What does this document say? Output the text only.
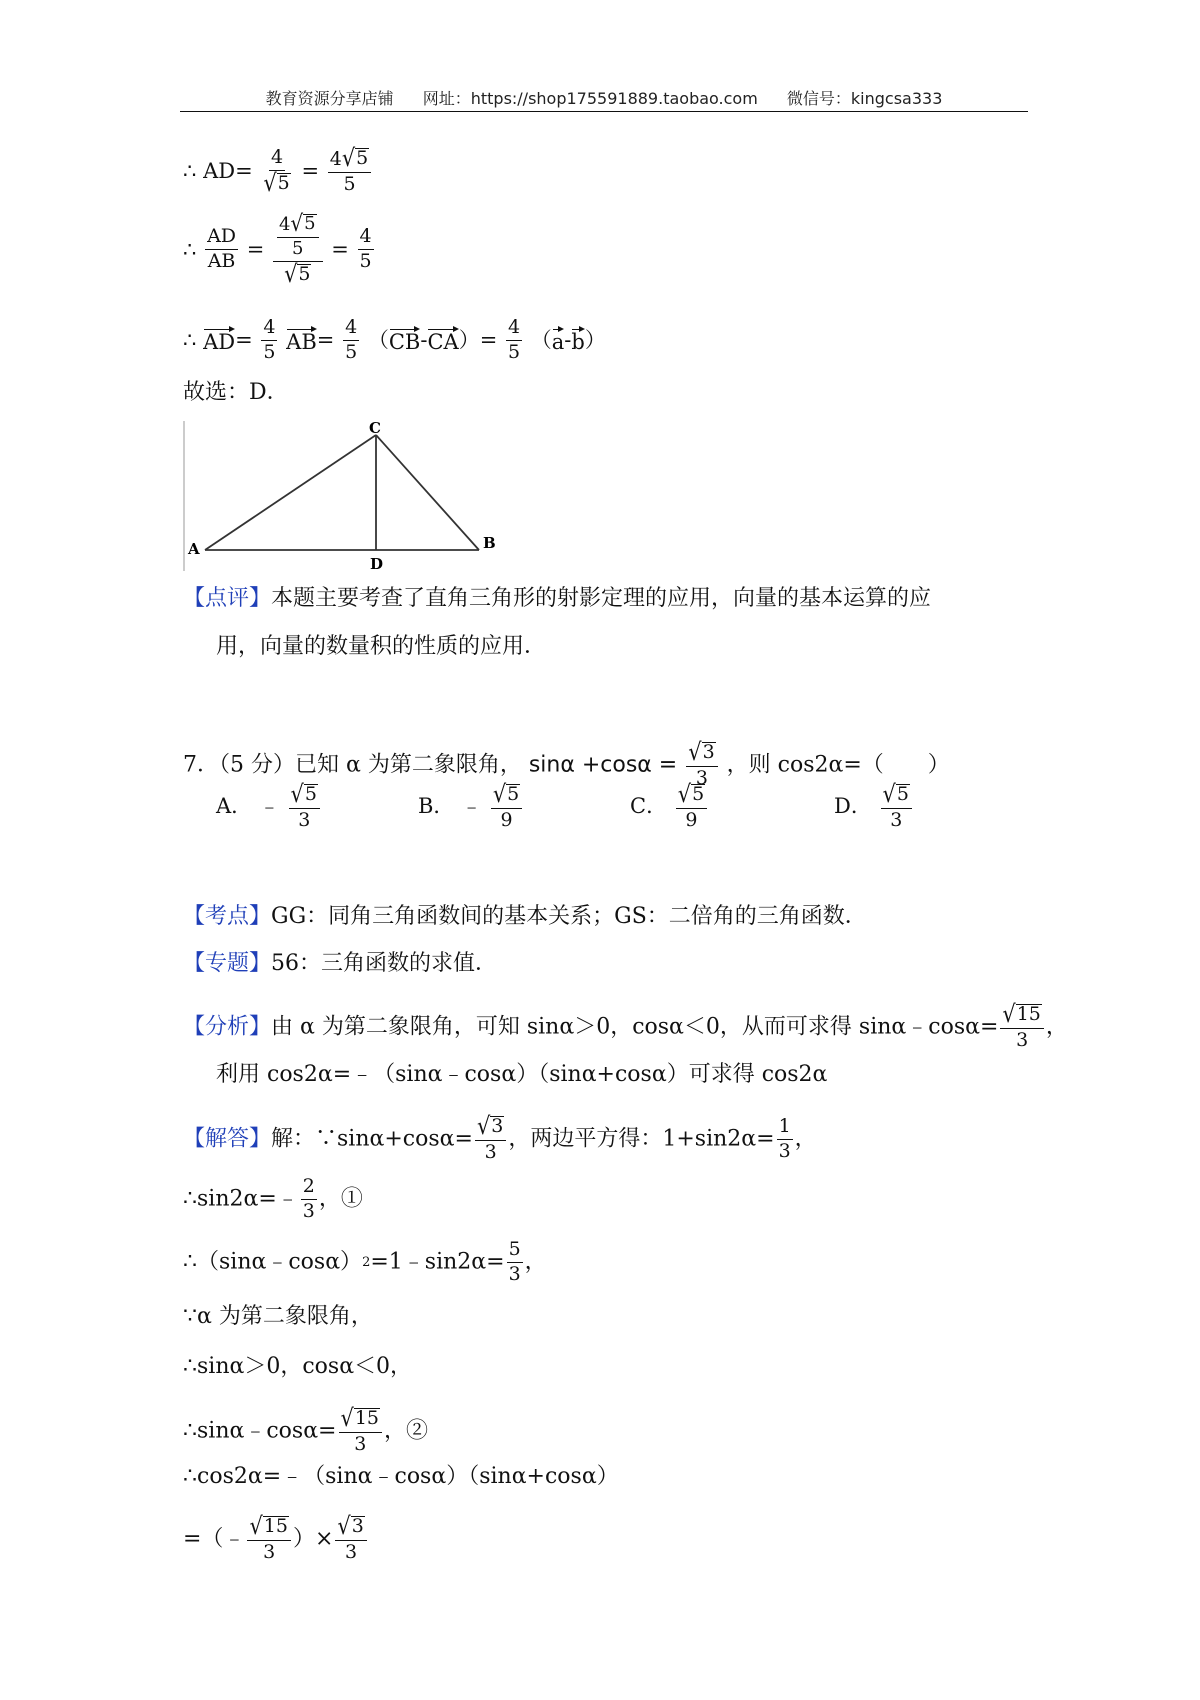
教育资源分享店铺 网址：https://shop175591889.taobao.com 微信号：kingcsa333
∴ $AD= \frac{4}{√ 5} = \frac{4 √ 5}{5}$
∴ $\frac{AD}{AB} = \frac{\frac{4 √ 5}{5}}{√ 5} = \frac{4}{5}$
∴ $AD= \frac{4}{5} AB= \frac{4}{5} (CB-CA)= \frac{4}{5} (a-b)$
故选：D．
C
A	B
D
【点评】本题主要考查了直角三角形的射影定理的应用，向量的基本运算的应
用，向量的数量积的性质的应用．
7．（5 分）已知 α 为第二象限角， $\sin\alpha +\cos\alpha = \frac{√ 3}{3}$ ，则 cos2α=（　　）
A． ﹣ $\frac{√ 5}{3}$	B． ﹣ $\frac{√ 5}{9}$	C． $\frac{√ 5}{9}$	D． $\frac{√ 5}{3}$
【考点】GG：同角三角函数间的基本关系；GS：二倍角的三角函数．
【专题】56：三角函数的求值．
【分析】由 α 为第二象限角，可知 sinα＞0，cosα＜0，从而可求得 sinα﹣cosα= $\frac{√ 15}{3}$ ，
利用 cos2α=﹣（sinα﹣cosα）（sinα+cosα）可求得 cos2α
【解答】解：∵sinα+cosα= $\frac{√ 3}{3}$ ，两边平方得：$1+\sin 2\alpha= \frac{1}{3}$ ，
∴sin2α=﹣ $\frac{2}{3}$ ，①
∴（sinα﹣cosα）2=1﹣sin2α= $\frac{5}{3}$ ，
∵α 为第二象限角，
∴sinα＞0，cosα＜0，
∴sinα﹣cosα= $\frac{√ 15}{3}$ ，②
∴cos2α=﹣（sinα﹣cosα）（sinα+cosα）
=（﹣ $\frac{√ 15}{3}$ ）× $\frac{√ 3}{3}$
